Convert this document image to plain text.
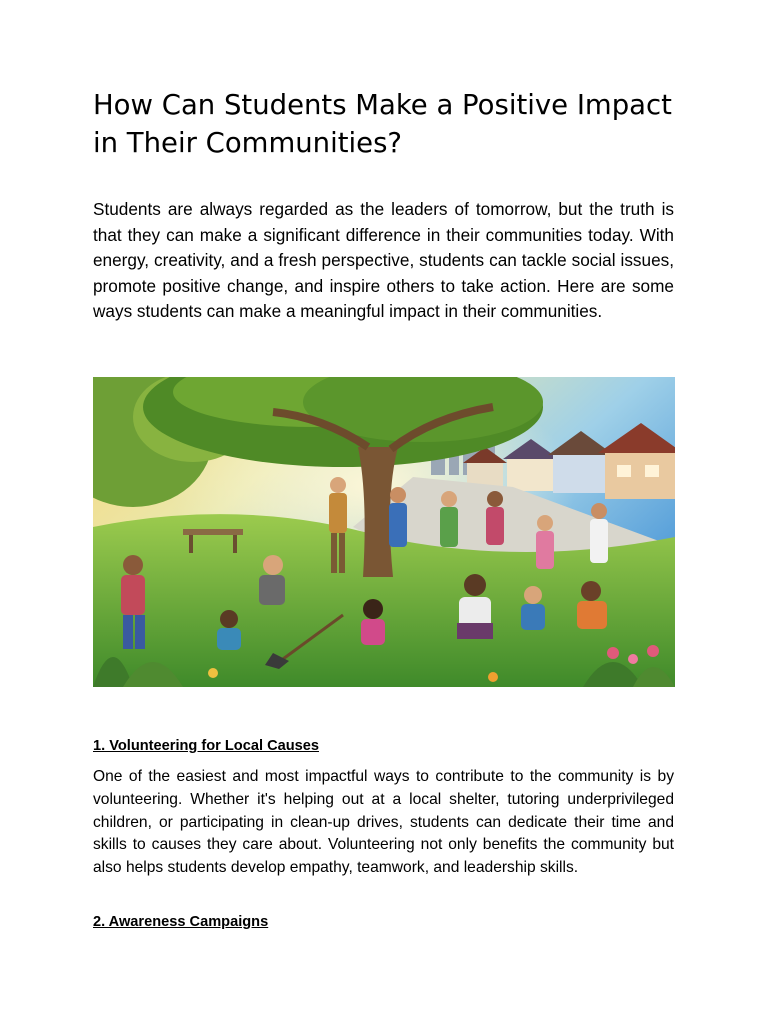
How Can Students Make a Positive Impact in Their Communities?

Students are always regarded as the leaders of tomorrow, but the truth is that they can make a significant difference in their communities today. With energy, creativity, and a fresh perspective, students can tackle social issues, promote positive change, and inspire others to take action. Here are some ways students can make a meaningful impact in their communities.

1. Volunteering for Local Causes

One of the easiest and most impactful ways to contribute to the community is by volunteering. Whether it's helping out at a local shelter, tutoring underprivileged children, or participating in clean-up drives, students can dedicate their time and skills to causes they care about. Volunteering not only benefits the community but also helps students develop empathy, teamwork, and leadership skills.

2. Awareness Campaigns
